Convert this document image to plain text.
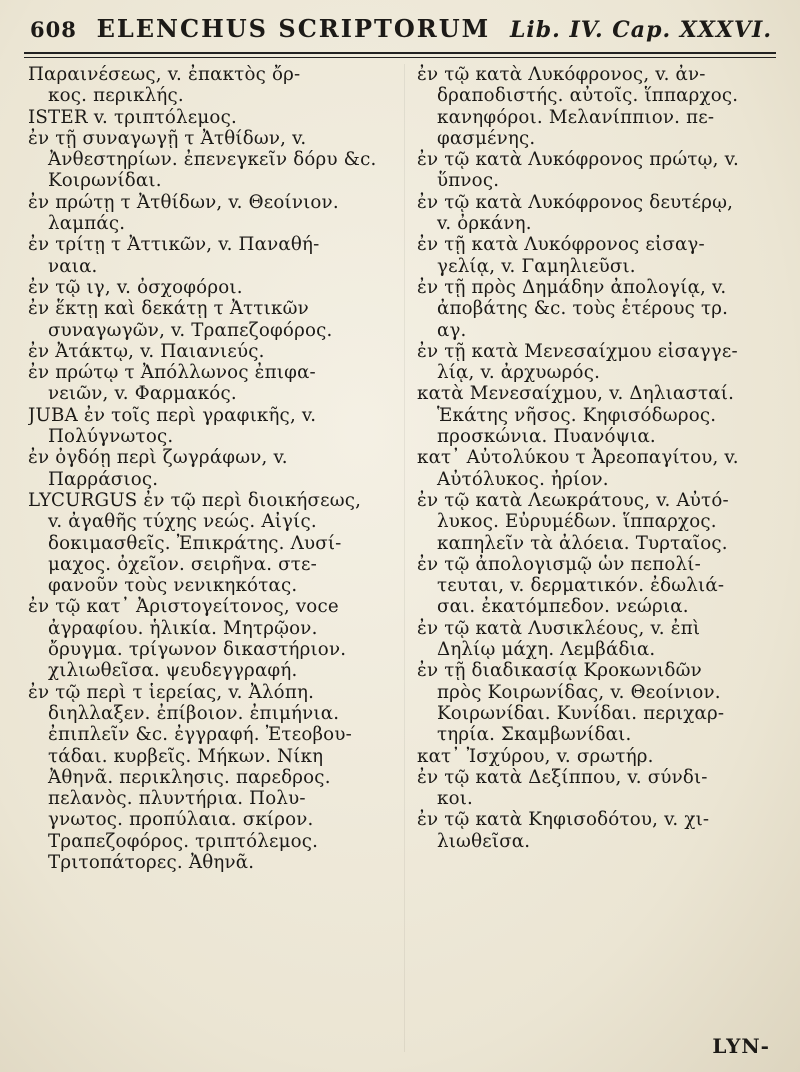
608 ELENCHUS SCRIPTORUM Lib. IV. Cap. XXXVI.
Παραινέσεως, v. ἐπακτὸς ὄρ-
κος. περικλής.
ISTER v. τριπτόλεμος.
ἐν τῇ συναγωγῇ τ Ἀτθίδων, v.
Ἀνθεστηρίων. ἐπενεγκεῖν δόρυ &c.
Κοιρωνίδαι.
ἐν πρώτῃ τ Ἀτθίδων, v. Θεοίνιον.
λαμπάς.
ἐν τρίτῃ τ Ἀττικῶν, v. Παναθή-
ναια.
ἐν τῷ ιγ, v. ὀσχοφόροι.
ἐν ἕκτῃ καὶ δεκάτῃ τ Ἀττικῶν
συναγωγῶν, v. Τραπεζοφόρος.
ἐν Ἀτάκτῳ, v. Παιανιεύς.
ἐν πρώτῳ τ Ἀπόλλωνος ἐπιφα-
νειῶν, v. Φαρμακός.
JUBA ἐν τοῖς περὶ γραφικῆς, v.
Πολύγνωτος.
ἐν ὀγδόῃ περὶ ζωγράφων, v.
Παρράσιος.
LYCURGUS ἐν τῷ περὶ διοικήσεως,
v. ἀγαθῆς τύχης νεώς. Αἰγίς.
δοκιμασθεῖς. Ἐπικράτης. Λυσί-
μαχος. ὀχεῖον. σειρῆνα. στε-
φανοῦν τοὺς νενικηκότας.
ἐν τῷ κατ᾽ Ἀριστογείτονος, voce
ἀγραφίου. ἡλικία. Μητρῷον.
ὄρυγμα. τρίγωνον δικαστήριον.
χιλιωθεῖσα. ψευδεγγραφή.
ἐν τῷ περὶ τ ἱερείας, v. Ἀλόπη.
διηλλαξεν. ἐπίβοιον. ἐπιμήνια.
ἐπιπλεῖν &c. ἐγγραφή. Ἐτεοβου-
τάδαι. κυρβεῖς. Μήκων. Νίκη
Ἀθηνᾶ. περικλησις. παρεδρος.
πελανὸς. πλυντήρια. Πολυ-
γνωτος. προπύλαια. σκίρον.
Τραπεζοφόρος. τριπτόλεμος.
Τριτοπάτορες. Ἀθηνᾶ.
ἐν τῷ κατὰ Λυκόφρονος, v. ἀν-
δραποδιστής. αὐτοῖς. ἵππαρχος.
κανηφόροι. Μελανίππιον. πε-
φασμένης.
ἐν τῷ κατὰ Λυκόφρονος πρώτῳ, v.
ὕπνος.
ἐν τῷ κατὰ Λυκόφρονος δευτέρῳ,
v. ὀρκάνη.
ἐν τῇ κατὰ Λυκόφρονος εἰσαγ-
γελίᾳ, v. Γαμηλιεῦσι.
ἐν τῇ πρὸς Δημάδην ἀπολογίᾳ, v.
ἀποβάτης &c. τοὺς ἑτέρους τρ.
αγ.
ἐν τῇ κατὰ Μενεσαίχμου εἰσαγγε-
λίᾳ, v. ἀρχυωρός.
κατὰ Μενεσαίχμου, v. Δηλιασταί.
Ἑκάτης νῆσος. Κηφισόδωρος.
προσκώνια. Πυανόψια.
κατ᾽ Αὐτολύκου τ Ἀρεοπαγίτου, v.
Αὐτόλυκος. ἠρίον.
ἐν τῷ κατὰ Λεωκράτους, v. Αὐτό-
λυκος. Εὐρυμέδων. ἵππαρχος.
καπηλεῖν τὰ ἀλόεια. Τυρταῖος.
ἐν τῷ ἀπολογισμῷ ὧν πεπολί-
τευται, v. δερματικόν. ἐδωλιά-
σαι. ἐκατόμπεδον. νεώρια.
ἐν τῷ κατὰ Λυσικλέους, v. ἐπὶ
Δηλίῳ μάχη. Λεμβάδια.
ἐν τῇ διαδικασίᾳ Κροκωνιδῶν
πρὸς Κοιρωνίδας, v. Θεοίνιον.
Κοιρωνίδαι. Κυνίδαι. περιχαρ-
τηρία. Σκαμβωνίδαι.
κατ᾽ Ἰσχύρου, v. σρωτήρ.
ἐν τῷ κατὰ Δεξίππου, v. σύνδι-
κοι.
ἐν τῷ κατὰ Κηφισοδότου, v. χι-
λιωθεῖσα.
LYN-
